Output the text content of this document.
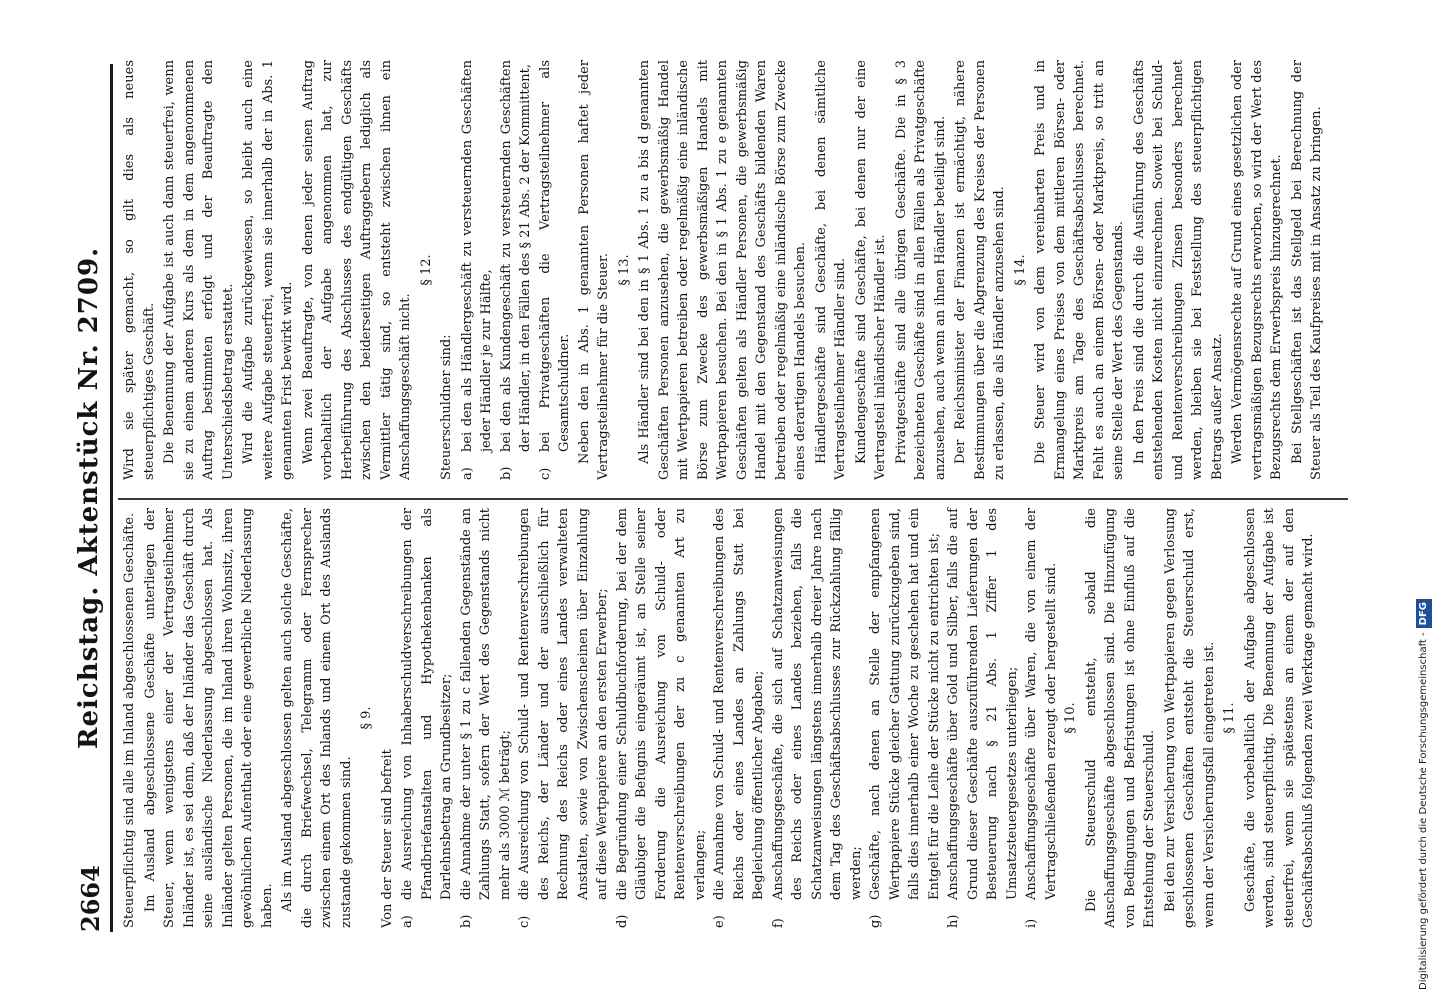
2664
Reichstag. Aktenstück Nr. 2709. Steuerpflichtig sind alle im Inland abgeschlossenen Geschäfte. Im Ausland abgeschlossene Geschäfte unterliegen der Steuer, wenn wenigstens einer der Vertragsteilnehmer Inländer ist, es sei denn, daß der Inländer das Geschäft durch seine ausländische Niederlassung abgeschlossen hat. Als Inländer gelten Personen, die im Inland ihren Wohnsitz, ihren gewöhnlichen Aufenthalt oder eine gewerbliche Niederlassung haben. Als im Ausland abgeschlossen gelten auch solche Geschäfte, die durch Briefwechsel, Telegramm oder Fernsprecher zwischen einem Ort des Inlands und einem Ort des Auslands zustande gekommen sind.

§ 9.

Von der Steuer sind befreit a)
die Ausreichung von Inhaberschuldverschreibungen der Pfandbriefanstalten und Hypothekenbanken als Darlehnsbetrag an Grundbesitzer;
b)
die Annahme der unter § 1 zu c fallenden Gegenstände an Zahlungs Statt, sofern der Wert des Gegenstands nicht mehr als 3000 ℳ beträgt;
c)
die Ausreichung von Schuld- und Rentenverschreibungen des Reichs, der Länder und der ausschließlich für Rechnung des Reichs oder eines Landes verwalteten Anstalten, sowie von Zwischenscheinen über Einzahlung auf diese Wertpapiere an den ersten Erwerber;
d)
die Begründung einer Schuldbuchforderung, bei der dem Gläubiger die Befugnis eingeräumt ist, an Stelle seiner Forderung die Ausreichung von Schuld- oder Rentenverschreibungen der zu c genannten Art zu verlangen;
e)
die Annahme von Schuld- und Rentenverschreibungen des Reichs oder eines Landes an Zahlungs Statt bei Begleichung öffentlicher Abgaben;
f)
Anschaffungsgeschäfte, die sich auf Schatzanweisungen des Reichs oder eines Landes beziehen, falls die Schatzanweisungen längstens innerhalb dreier Jahre nach dem Tag des Geschäftsabschlusses zur Rückzahlung fällig werden;
g)
Geschäfte, nach denen an Stelle der empfangenen Wertpapiere Stücke gleicher Gattung zurückzugeben sind, falls dies innerhalb einer Woche zu geschehen hat und ein Entgelt für die Leihe der Stücke nicht zu entrichten ist;
h)
Anschaffungsgeschäfte über Gold und Silber, falls die auf Grund dieser Geschäfte auszuführenden Lieferungen der Besteuerung nach § 21 Abs. 1 Ziffer 1 des Umsatzsteuergesetzes unterliegen;
i)
Anschaffungsgeschäfte über Waren, die von einem der Vertragschließenden erzeugt oder hergestellt sind. § 10. Die Steuerschuld entsteht, sobald die Anschaffungsgeschäfte abgeschlossen sind. Die Hinzufügung von Bedingungen und Befristungen ist ohne Einfluß auf die Entstehung der Steuerschuld. Bei den zur Versicherung von Wertpapieren gegen Verlosung geschlossenen Geschäften entsteht die Steuerschuld erst, wenn der Versicherungsfall eingetreten ist. § 11. Geschäfte, die vorbehaltlich der Aufgabe abgeschlossen werden, sind steuerpflichtig. Die Benennung der Aufgabe ist steuerfrei, wenn sie spätestens an einem der auf den Geschäftsabschluß folgenden zwei Werktage gemacht wird.

Wird sie später gemacht, so gilt dies als neues steuerpflichtiges Geschäft. Die Benennung der Aufgabe ist auch dann steuerfrei, wenn sie zu einem anderen Kurs als dem in dem angenommenen Auftrag bestimmten erfolgt und der Beauftragte den Unterschiedsbetrag erstattet. Wird die Aufgabe zurückgewiesen, so bleibt auch eine weitere Aufgabe steuerfrei, wenn sie innerhalb der in Abs. 1 genannten Frist bewirkt wird. Wenn zwei Beauftragte, von denen jeder seinen Auftrag vorbehaltlich der Aufgabe angenommen hat, zur Herbeiführung des Abschlusses des endgültigen Geschäfts zwischen den beiderseitigen Auftraggebern lediglich als Vermittler tätig sind, so entsteht zwischen ihnen ein Anschaffungsgeschäft nicht.

§ 12.

Steuerschuldner sind: a)
bei den als Händlergeschäft zu versteuernden Geschäften jeder Händler je zur Hälfte,
b)
bei den als Kundengeschäft zu versteuernden Geschäften der Händler, in den Fällen des § 21 Abs. 2 der Kommittent,
c)
bei Privatgeschäften die Vertragsteilnehmer als Gesamtschuldner. Neben den in Abs. 1 genannten Personen haftet jeder Vertragsteilnehmer für die Steuer. § 13. Als Händler sind bei den in § 1 Abs. 1 zu a bis d genannten Geschäften Personen anzusehen, die gewerbsmäßig Handel mit Wertpapieren betreiben oder regelmäßig eine inländische Börse zum Zwecke des gewerbsmäßigen Handels mit Wertpapieren besuchen. Bei den in § 1 Abs. 1 zu e genannten Geschäften gelten als Händler Personen, die gewerbsmäßig Handel mit den Gegenstand des Geschäfts bildenden Waren betreiben oder regelmäßig eine inländische Börse zum Zwecke eines derartigen Handels besuchen. Händlergeschäfte sind Geschäfte, bei denen sämtliche Vertragsteilnehmer Händler sind. Kundengeschäfte sind Geschäfte, bei denen nur der eine Vertragsteil inländischer Händler ist. Privatgeschäfte sind alle übrigen Geschäfte. Die in § 3 bezeichneten Geschäfte sind in allen Fällen als Privatgeschäfte anzusehen, auch wenn an ihnen Händler beteiligt sind. Der Reichsminister der Finanzen ist ermächtigt, nähere Bestimmungen über die Abgrenzung des Kreises der Personen zu erlassen, die als Händler anzusehen sind. § 14. Die Steuer wird von dem vereinbarten Preis und in Ermangelung eines Preises von dem mittleren Börsen- oder Marktpreis am Tage des Geschäftsabschlusses berechnet. Fehlt es auch an einem Börsen- oder Marktpreis, so tritt an seine Stelle der Wert des Gegenstands. In den Preis sind die durch die Ausführung des Geschäfts entstehenden Kosten nicht einzurechnen. Soweit bei Schuld- und Rentenverschreibungen Zinsen besonders berechnet werden, bleiben sie bei Feststellung des steuerpflichtigen Betrags außer Ansatz. Werden Vermögensrechte auf Grund eines gesetzlichen oder vertragsmäßigen Bezugsrechts erworben, so wird der Wert des Bezugsrechts dem Erwerbspreis hinzugerechnet. Bei Stellgeschäften ist das Stellgeld bei Berechnung der Steuer als Teil des Kaufpreises mit in Ansatz zu bringen.

Digitalisierung gefördert durch die Deutsche Forschungsgemeinschaft -DFG
